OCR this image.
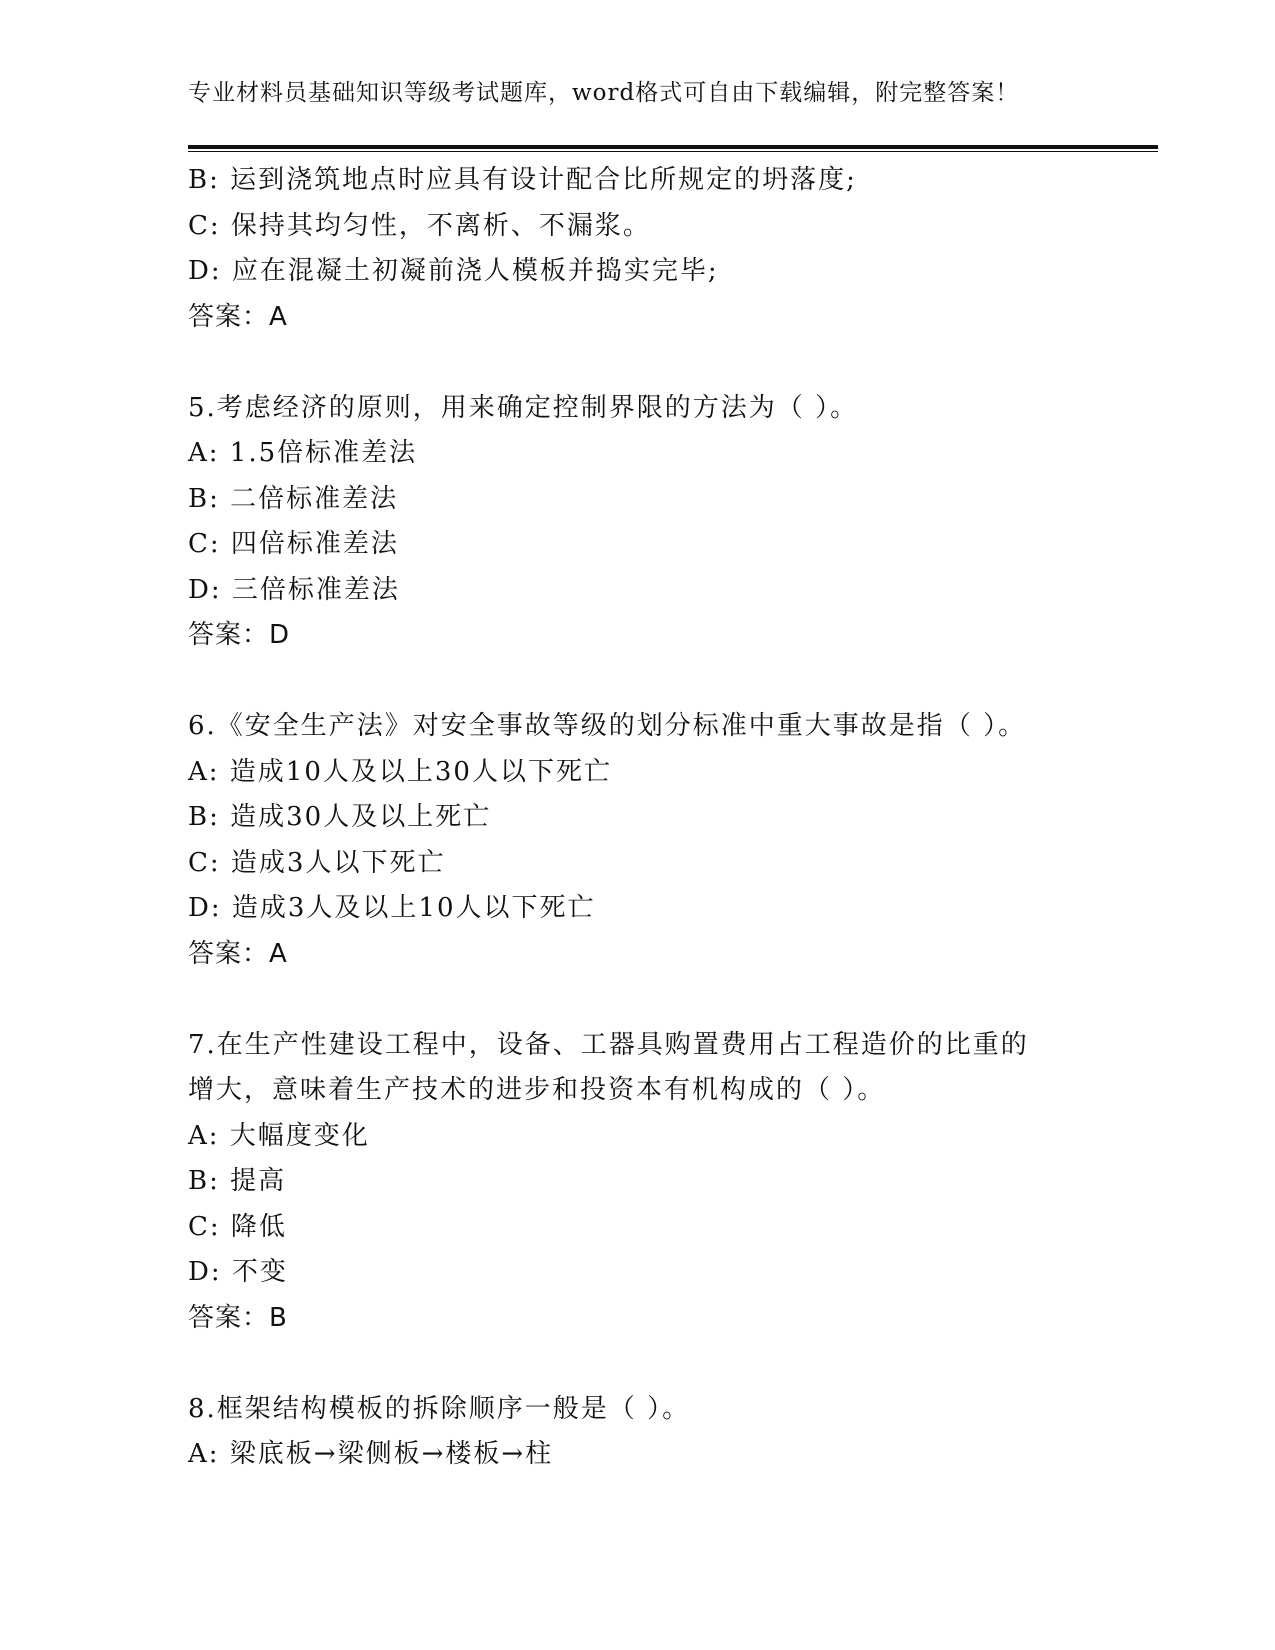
专业材料员基础知识等级考试题库，word格式可自由下载编辑，附完整答案！
B: 运到浇筑地点时应具有设计配合比所规定的坍落度;
C: 保持其均匀性，不离析、不漏浆。
D: 应在混凝土初凝前浇人模板并捣实完毕;
答案：A
5.考虑经济的原则，用来确定控制界限的方法为（ ）。
A: 1.5倍标准差法
B: 二倍标准差法
C: 四倍标准差法
D: 三倍标准差法
答案：D
6.《安全生产法》对安全事故等级的划分标准中重大事故是指（ ）。
A: 造成10人及以上30人以下死亡
B: 造成30人及以上死亡
C: 造成3人以下死亡
D: 造成3人及以上10人以下死亡
答案：A
7.在生产性建设工程中，设备、工器具购置费用占工程造价的比重的
增大，意味着生产技术的进步和投资本有机构成的（ ）。
A: 大幅度变化
B: 提高
C: 降低
D: 不变
答案：B
8.框架结构模板的拆除顺序一般是（ ）。
A: 梁底板→梁侧板→楼板→柱
